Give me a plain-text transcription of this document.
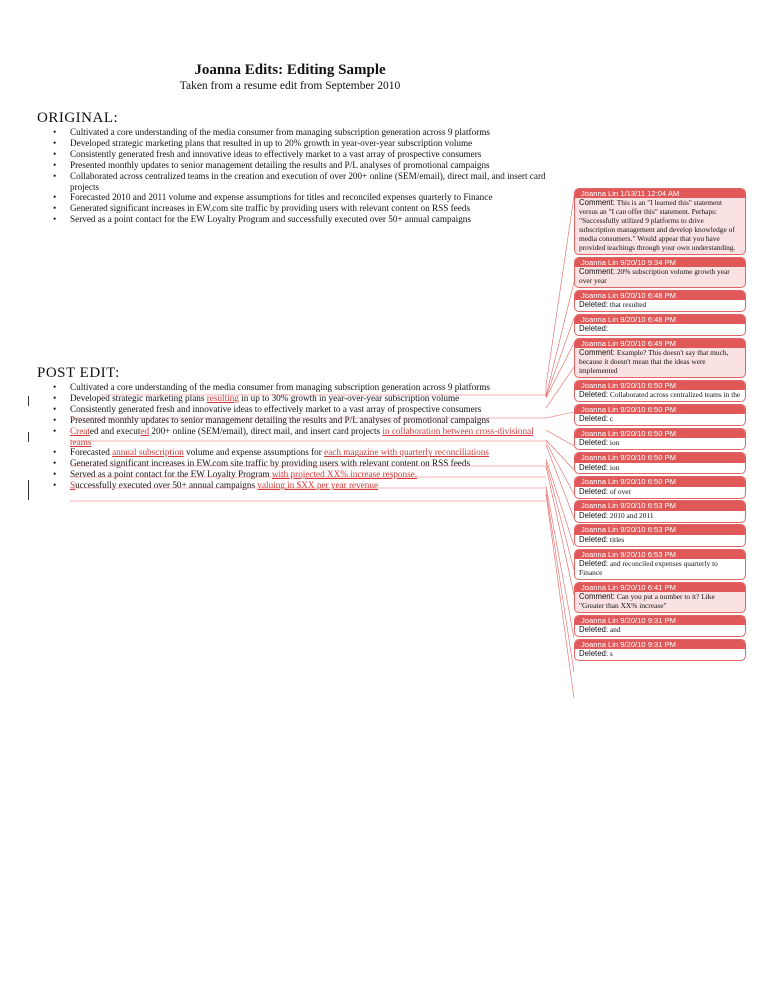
Joanna Edits: Editing Sample
Taken from a resume edit from September 2010
ORIGINAL:
• Cultivated a core understanding of the media consumer from managing subscription generation across 9 platforms
• Developed strategic marketing plans that resulted in up to 20% growth in year-over-year subscription volume
• Consistently generated fresh and innovative ideas to effectively market to a vast array of prospective consumers
• Presented monthly updates to senior management detailing the results and P/L analyses of promotional campaigns
• Collaborated across centralized teams in the creation and execution of over 200+ online (SEM/email), direct mail, and insert card projects
• Forecasted 2010 and 2011 volume and expense assumptions for titles and reconciled expenses quarterly to Finance
• Generated significant increases in EW.com site traffic by providing users with relevant content on RSS feeds
• Served as a point contact for the EW Loyalty Program and successfully executed over 50+ annual campaigns
POST EDIT:
• Cultivated a core understanding of the media consumer from managing subscription generation across 9 platforms
• Developed strategic marketing plans resulting in up to 30% growth in year-over-year subscription volume
• Consistently generated fresh and innovative ideas to effectively market to a vast array of prospective consumers
• Presented monthly updates to senior management detailing the results and P/L analyses of promotional campaigns
• Created and executed 200+ online (SEM/email), direct mail, and insert card projects in collaboration between cross-divisional teams
• Forecasted annual subscription volume and expense assumptions for each magazine with quarterly reconciliations
• Generated significant increases in EW.com site traffic by providing users with relevant content on RSS feeds
• Served as a point contact for the EW Loyalty Program with projected XX% increase response.
• Successfully executed over 50+ annual campaigns valuing in $XX per year revenue
Joanna Lin 1/13/11 12:04 AM
Comment: This is an "I learned this" statement versus an "I can offer this" statement. Perhaps: "Successfully utilized 9 platforms to drive subscription management and develop knowledge of media consumers." Would appear that you have provided teachings through your own understanding.
Joanna Lin 9/20/10 9:34 PM
Comment: 20% subscription volume growth year over year
Joanna Lin 9/20/10 6:48 PM
Deleted: that resulted
Joanna Lin 9/20/10 6:48 PM
Deleted:
Joanna Lin 9/20/10 6:49 PM
Comment: Example? This doesn't say that much, because it doesn't mean that the ideas were implemented
Joanna Lin 9/20/10 6:50 PM
Deleted: Collaborated across centralized teams in the
Joanna Lin 9/20/10 6:50 PM
Deleted: c
Joanna Lin 9/20/10 6:50 PM
Deleted: ion
Joanna Lin 9/20/10 6:50 PM
Deleted: ion
Joanna Lin 9/20/10 6:50 PM
Deleted: of over
Joanna Lin 9/20/10 6:53 PM
Deleted: 2010 and 2011
Joanna Lin 9/20/10 6:53 PM
Deleted: titles
Joanna Lin 9/20/10 6:53 PM
Deleted: and reconciled expenses quarterly to Finance
Joanna Lin 9/20/10 6:41 PM
Comment: Can you put a number to it? Like "Greater than XX% increase"
Joanna Lin 9/20/10 9:31 PM
Deleted: and
Joanna Lin 9/20/10 9:31 PM
Deleted: s
